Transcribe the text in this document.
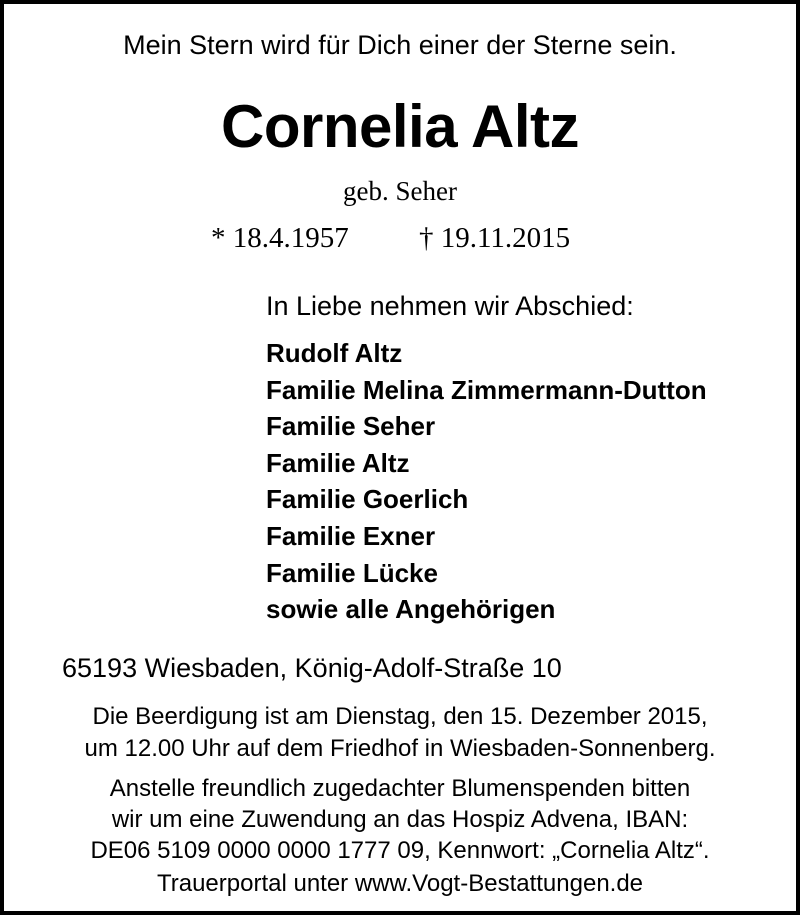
Mein Stern wird für Dich einer der Sterne sein.
Cornelia Altz
geb. Seher
* 18.4.1957 † 19.11.2015
In Liebe nehmen wir Abschied:
Rudolf Altz
Familie Melina Zimmermann-Dutton
Familie Seher
Familie Altz
Familie Goerlich
Familie Exner
Familie Lücke
sowie alle Angehörigen
65193 Wiesbaden, König-Adolf-Straße 10
Die Beerdigung ist am Dienstag, den 15. Dezember 2015,
um 12.00 Uhr auf dem Friedhof in Wiesbaden-Sonnenberg.
Anstelle freundlich zugedachter Blumenspenden bitten
wir um eine Zuwendung an das Hospiz Advena, IBAN:
DE06 5109 0000 0000 1777 09, Kennwort: „Cornelia Altz“.
Trauerportal unter www.Vogt-Bestattungen.de
